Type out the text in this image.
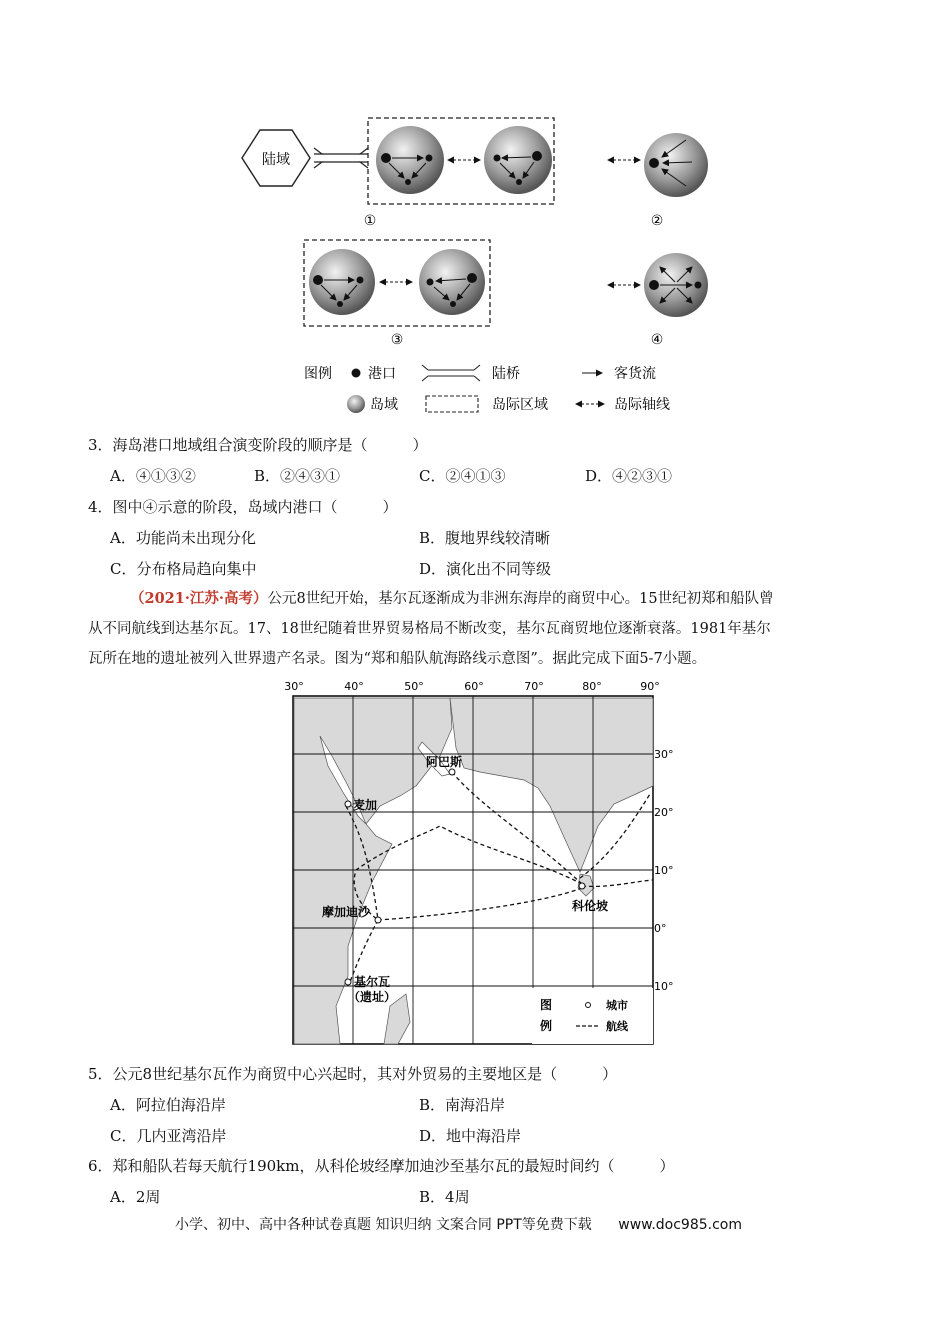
陆域
①	②
③	④
图例	港口	陆桥	客货流
岛域	岛际区域	岛际轴线
3．海岛港口地域组合演变阶段的顺序是（　　　）
A．④①③②	B．②④③①	C．②④①③	D．④②③①
4．图中④示意的阶段，岛域内港口（　　　）
A．功能尚未出现分化	B．腹地界线较清晰
C．分布格局趋向集中	D．演化出不同等级
（2021·江苏·高考）公元8世纪开始，基尔瓦逐渐成为非洲东海岸的商贸中心。15世纪初郑和船队曾
从不同航线到达基尔瓦。17、18世纪随着世界贸易格局不断改变，基尔瓦商贸地位逐渐衰落。1981年基尔
瓦所在地的遗址被列入世界遗产名录。图为“郑和船队航海路线示意图”。据此完成下面5-7小题。
30°	40°	50°	60°	70°	80°	90°
30°
20°
10°
0°
10°
阿巴斯
麦加
摩加迪沙	科伦坡
基尔瓦
（遗址）
图
例
城市
航线
5．公元8世纪基尔瓦作为商贸中心兴起时，其对外贸易的主要地区是（　　　）
A．阿拉伯海沿岸	B．南海沿岸
C．几内亚湾沿岸	D．地中海沿岸
6．郑和船队若每天航行190km，从科伦坡经摩加迪沙至基尔瓦的最短时间约（　　　）
A．2周	B．4周
小学、初中、高中各种试卷真题 知识归纳 文案合同 PPT等免费下载 www.doc985.com
